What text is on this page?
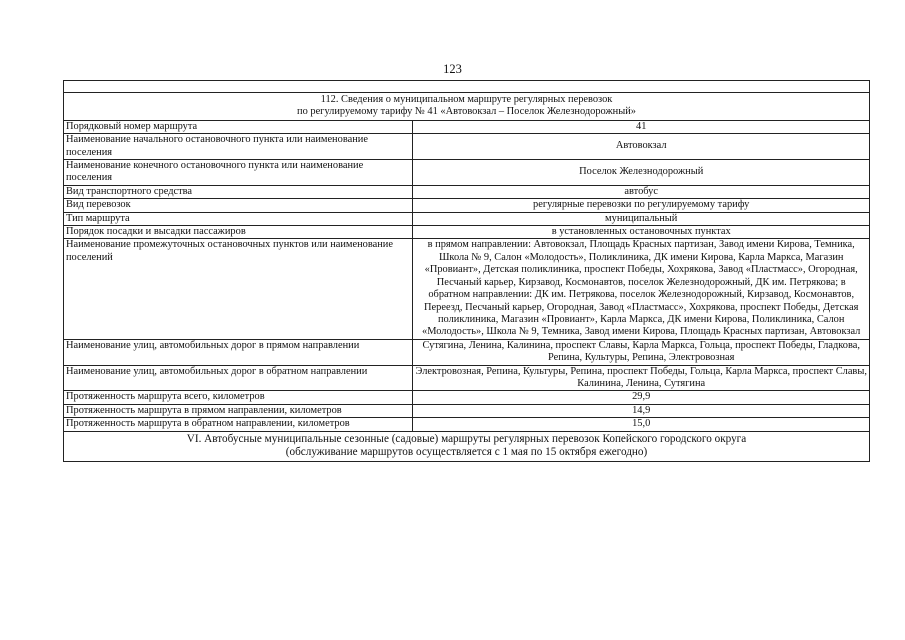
123

112. Сведения о муниципальном маршруте регулярных перевозок
по регулируемому тарифу № 41 «Автовокзал – Поселок Железнодорожный»	

Порядковый номер маршрута	41
Наименование начального остановочного пункта или наименование поселения	Автовокзал
Наименование конечного остановочного пункта или наименование поселения	Поселок Железнодорожный
Вид транспортного средства	автобус
Вид перевозок	регулярные перевозки по регулируемому тарифу
Тип маршрута	муниципальный
Порядок посадки и высадки пассажиров	в установленных остановочных пунктах
Наименование промежуточных остановочных пунктов или наименование поселений	в прямом направлении: Автовокзал, Площадь Красных партизан, Завод имени Кирова, Темника, Школа № 9, Салон «Молодость», Поликлиника, ДК имени Кирова, Карла Маркса, Магазин «Провиант», Детская поликлиника, проспект Победы, Хохрякова, Завод «Пластмасс», Огородная, Песчаный карьер, Кирзавод, Космонавтов, поселок Железнодорожный, ДК им. Петрякова; в обратном направлении: ДК им. Петрякова, поселок Железнодорожный, Кирзавод, Космонавтов, Переезд, Песчаный карьер, Огородная, Завод «Пластмасс», Хохрякова, проспект Победы, Детская поликлиника, Магазин «Провиант», Карла Маркса, ДК имени Кирова, Поликлиника, Салон «Молодость», Школа № 9, Темника, Завод имени Кирова, Площадь Красных партизан, Автовокзал
Наименование улиц, автомобильных дорог в прямом направлении	Сутягина, Ленина, Калинина, проспект Славы, Карла Маркса, Гольца, проспект Победы, Гладкова, Репина, Культуры, Репина, Электровозная
Наименование улиц, автомобильных дорог в обратном направлении	Электровозная, Репина, Культуры, Репина, проспект Победы, Гольца, Карла Маркса, проспект Славы, Калинина, Ленина, Сутягина
Протяженность маршрута всего, километров	29,9
Протяженность маршрута в прямом направлении, километров	14,9
Протяженность маршрута в обратном направлении, километров	15,0

VI. Автобусные муниципальные сезонные (садовые) маршруты регулярных перевозок Копейского городского округа
(обслуживание маршрутов осуществляется с 1 мая по 15 октября ежегодно)	
